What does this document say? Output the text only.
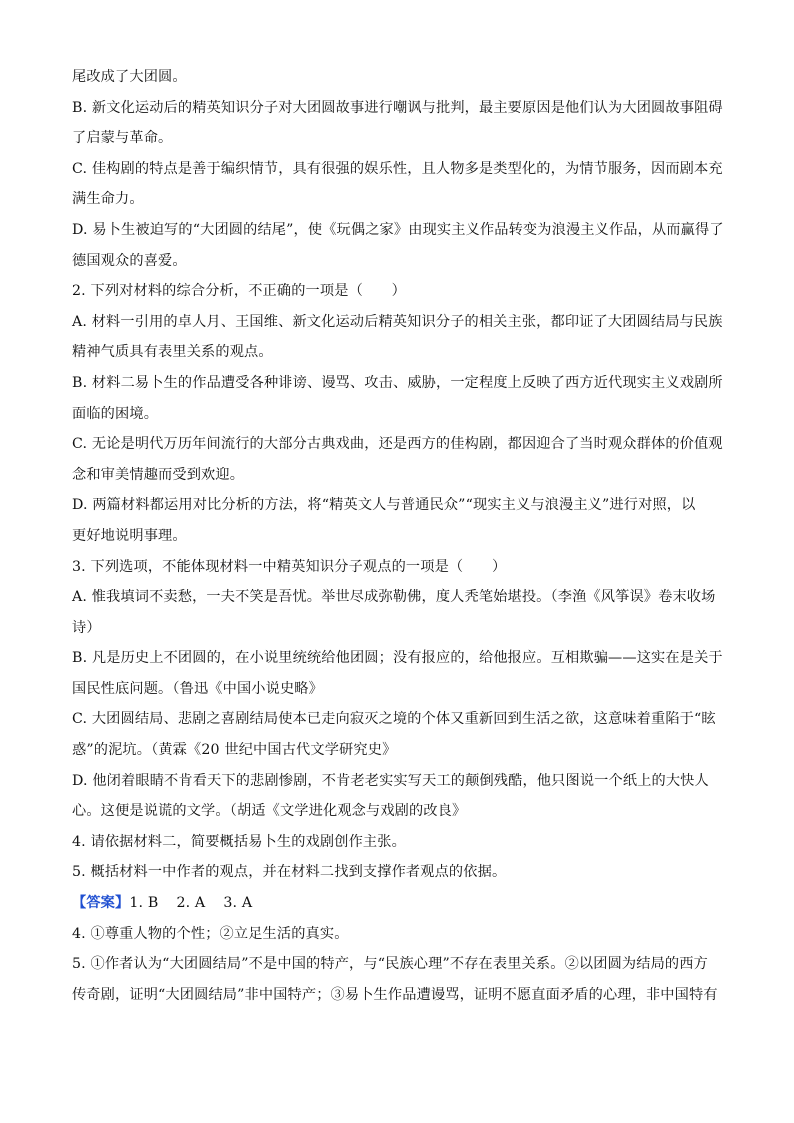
尾改成了大团圆。
B. 新文化运动后的精英知识分子对大团圆故事进行嘲讽与批判，最主要原因是他们认为大团圆故事阻碍
了启蒙与革命。
C. 佳构剧的特点是善于编织情节，具有很强的娱乐性，且人物多是类型化的，为情节服务，因而剧本充
满生命力。
D. 易卜生被迫写的“大团圆的结尾”，使《玩偶之家》由现实主义作品转变为浪漫主义作品，从而赢得了
德国观众的喜爱。
2. 下列对材料的综合分析，不正确的一项是（　　）
A. 材料一引用的卓人月、王国维、新文化运动后精英知识分子的相关主张，都印证了大团圆结局与民族
精神气质具有表里关系的观点。
B. 材料二易卜生的作品遭受各种诽谤、谩骂、攻击、威胁，一定程度上反映了西方近代现实主义戏剧所
面临的困境。
C. 无论是明代万历年间流行的大部分古典戏曲，还是西方的佳构剧，都因迎合了当时观众群体的价值观
念和审美情趣而受到欢迎。
D. 两篇材料都运用对比分析的方法，将“精英文人与普通民众”“现实主义与浪漫主义”进行对照，以
更好地说明事理。
3. 下列选项，不能体现材料一中精英知识分子观点的一项是（　　）
A. 惟我填词不卖愁，一夫不笑是吾忧。举世尽成弥勒佛，度人秃笔始堪投。（李渔《风筝误》卷末收场
诗）
B. 凡是历史上不团圆的，在小说里统统给他团圆；没有报应的，给他报应。互相欺骗——这实在是关于
国民性底问题。（鲁迅《中国小说史略》
C. 大团圆结局、悲剧之喜剧结局使本已走向寂灭之境的个体又重新回到生活之欲，这意味着重陷于“眩
惑”的泥坑。（黄霖《20 世纪中国古代文学研究史》
D. 他闭着眼睛不肯看天下的悲剧惨剧，不肯老老实实写天工的颠倒残酷，他只图说一个纸上的大快人
心。这便是说谎的文学。（胡适《文学进化观念与戏剧的改良》
4. 请依据材料二，简要概括易卜生的戏剧创作主张。
5. 概括材料一中作者的观点，并在材料二找到支撑作者观点的依据。
【答案】1. B 2. A 3. A
4. ①尊重人物的个性；②立足生活的真实。
5. ①作者认为“大团圆结局”不是中国的特产，与“民族心理”不存在表里关系。②以团圆为结局的西方
传奇剧，证明“大团圆结局”非中国特产；③易卜生作品遭谩骂，证明不愿直面矛盾的心理，非中国特有
